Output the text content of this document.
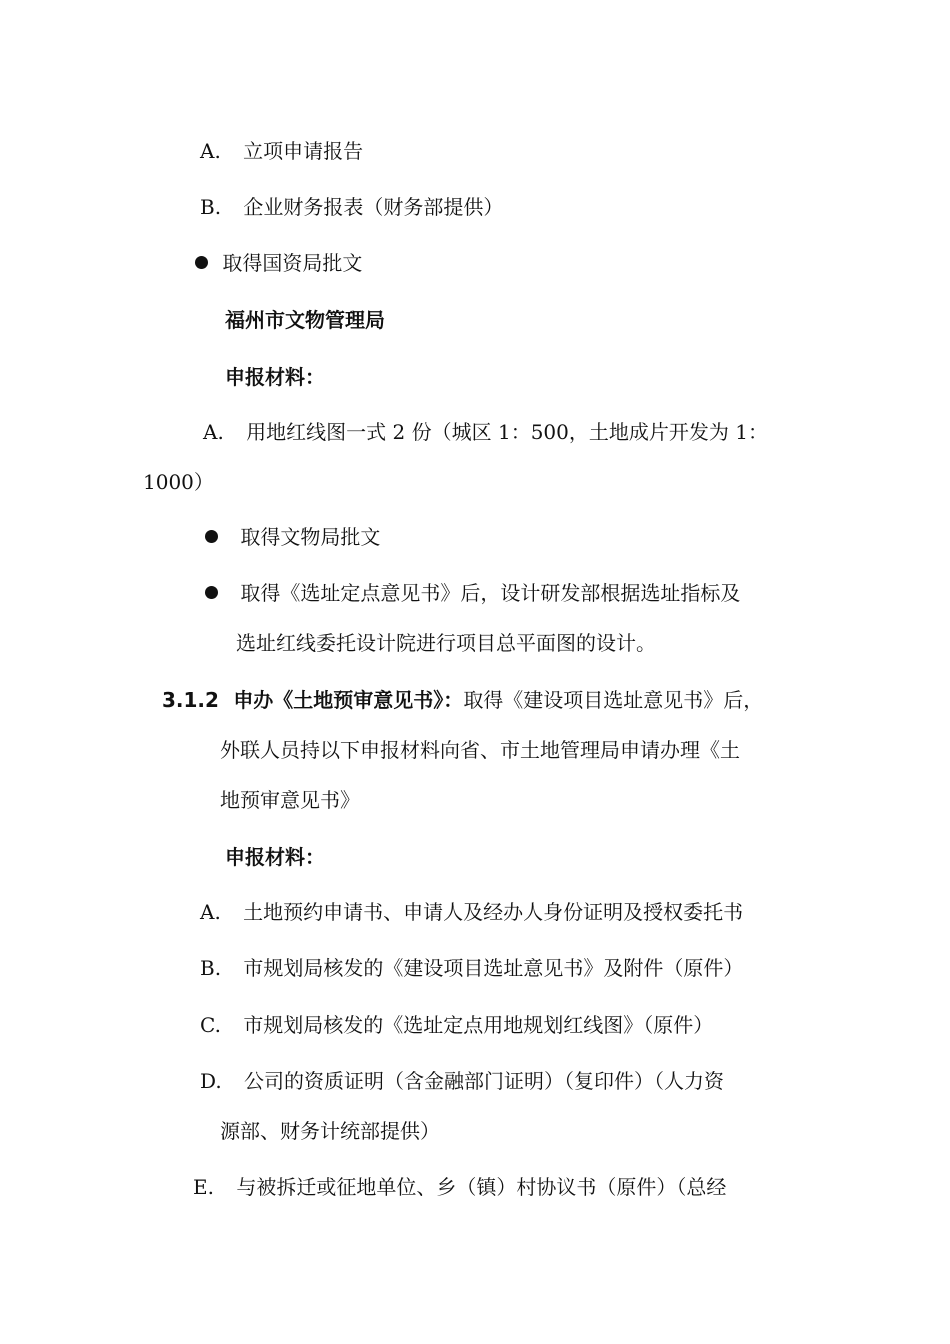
A. 立项申请报告
B. 企业财务报表（财务部提供）
取得国资局批文
福州市文物管理局
申报材料：
A. 用地红线图一式 2 份（城区 1：500，土地成片开发为 1：
1000）
取得文物局批文
取得《选址定点意见书》后，设计研发部根据选址指标及
选址红线委托设计院进行项目总平面图的设计。
3.1.2 申办《土地预审意见书》：取得《建设项目选址意见书》后，
外联人员持以下申报材料向省、市土地管理局申请办理《土
地预审意见书》
申报材料：
A. 土地预约申请书、申请人及经办人身份证明及授权委托书
B. 市规划局核发的《建设项目选址意见书》及附件（原件）
C. 市规划局核发的《选址定点用地规划红线图》（原件）
D. 公司的资质证明（含金融部门证明）（复印件）（人力资
源部、财务计统部提供）
E. 与被拆迁或征地单位、乡（镇）村协议书（原件）（总经
